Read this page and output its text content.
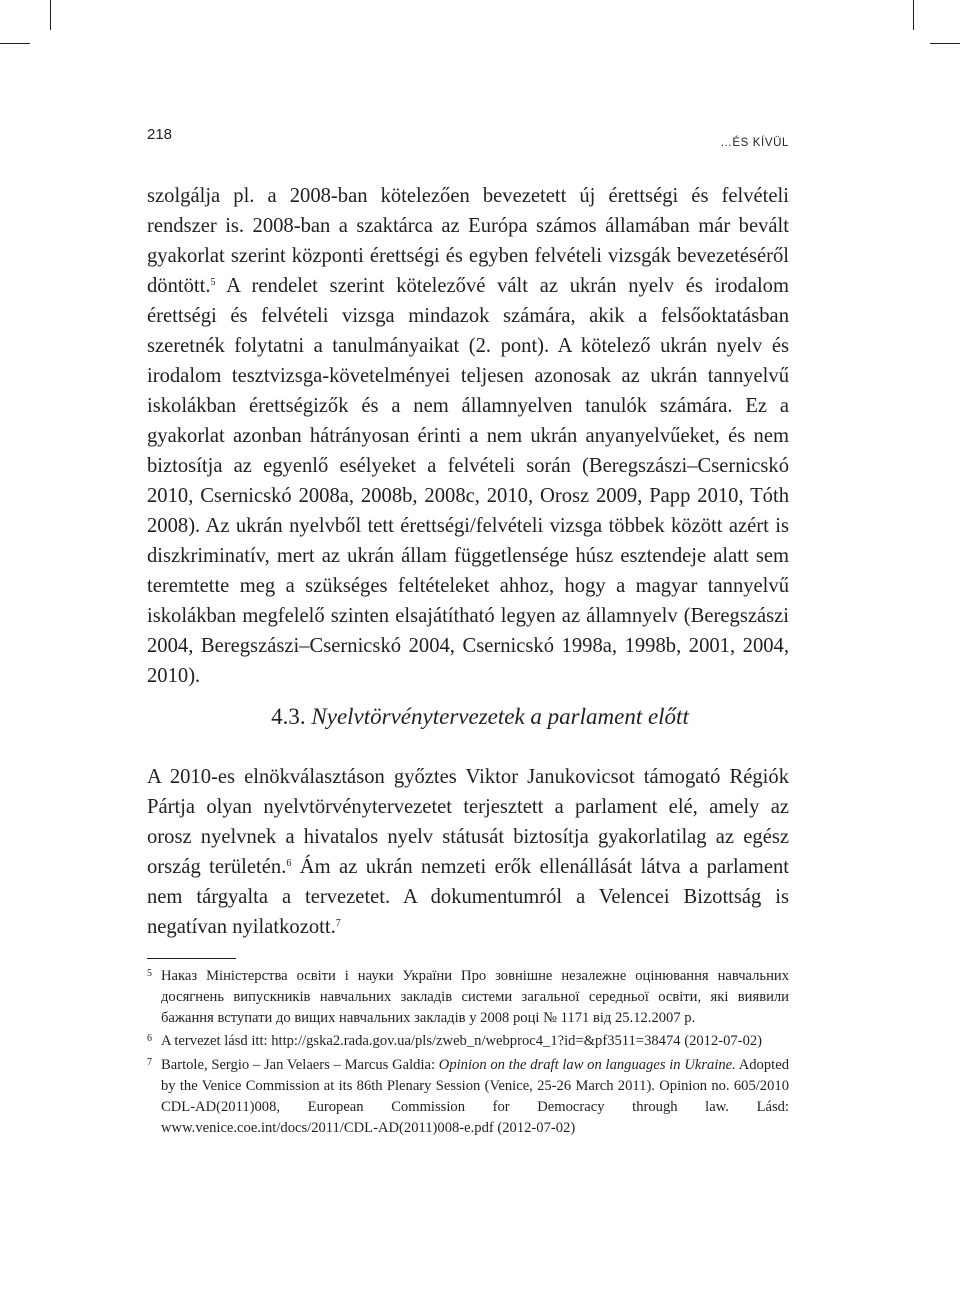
218	…ÉS KÍVÜL

szolgálja pl. a 2008-ban kötelezően bevezetett új érettségi és felvételi rendszer is. 2008-ban a szaktárca az Európa számos államában már bevált gyakorlat szerint központi érettségi és egyben felvételi vizsgák bevezetéséről döntött.$^5$ A rendelet szerint kötelezővé vált az ukrán nyelv és irodalom érettségi és felvételi vizsga mindazok számára, akik a felsőoktatásban szeretnék folytatni a tanulmányaikat (2. pont). A kötelező ukrán nyelv és irodalom tesztvizsga-követelményei teljesen azonosak az ukrán tannyelvű iskolákban érettségizők és a nem államnyelven tanulók számára. Ez a gyakorlat azonban hátrányosan érinti a nem ukrán anyanyelvűeket, és nem biztosítja az egyenlő esélyeket a felvételi során (Beregszászi–Csernicskó 2010, Csernicskó 2008a, 2008b, 2008c, 2010, Orosz 2009, Papp 2010, Tóth 2008). Az ukrán nyelvből tett érettségi/felvételi vizsga többek között azért is diszkriminatív, mert az ukrán állam függetlensége húsz esztendeje alatt sem teremtette meg a szükséges feltételeket ahhoz, hogy a magyar tannyelvű iskolákban megfelelő szinten elsajátítható legyen az államnyelv (Beregszászi 2004, Beregszászi–Csernicskó 2004, Csernicskó 1998a, 1998b, 2001, 2004, 2010).

4.3. Nyelvtörvénytervezetek a parlament előtt

A 2010-es elnökválasztáson győztes Viktor Janukovicsot támogató Régiók Pártja olyan nyelvtörvénytervezetet terjesztett a parlament elé, amely az orosz nyelvnek a hivatalos nyelv státusát biztosítja gyakorlatilag az egész ország területén.$^6$ Ám az ukrán nemzeti erők ellenállását látva a parlament nem tárgyalta a tervezetet. A dokumentumról a Velencei Bizottság is negatívan nyilatkozott.$^7$

5 Наказ Міністерства освіти і науки України Про зовнішне незалежне оцінювання навчальних досягнень випускників навчальних закладів системи загальної середньої освіти, які виявили бажання вступати до вищих навчальних закладів у 2008 році № 1171 від 25.12.2007 р.

6 A tervezet lásd itt: http://gska2.rada.gov.ua/pls/zweb_n/webproc4_1?id=&pf3511=38474 (2012-07-02)

7 Bartole, Sergio – Jan Velaers – Marcus Galdia: Opinion on the draft law on languages in Ukraine. Adopted by the Venice Commission at its 86th Plenary Session (Venice, 25-26 March 2011). Opinion no. 605/2010 CDL-AD(2011)008, European Commission for Democracy through law. Lásd: www.venice.coe.int/docs/2011/CDL-AD(2011)008-e.pdf (2012-07-02)
